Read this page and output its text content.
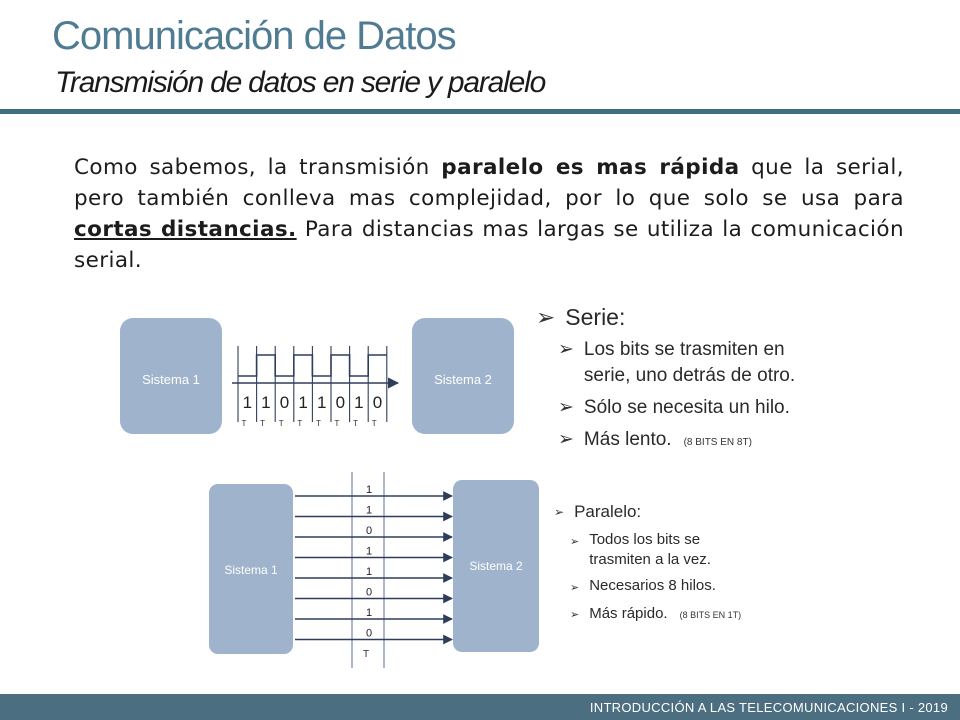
Comunicación de Datos
Transmisión de datos en serie y paralelo
Como sabemos, la transmisión paralelo es mas rápida que la serial, pero también conlleva mas complejidad, por lo que solo se usa para cortas distancias. Para distancias mas largas se utiliza la comunicación serial.
Sistema 1	Sistema 2
1 1 0 1 1 0 1 0
T T T T T T T T
Sistema 1	Sistema 2
1
1
0
1
1
0
1
0
T
➢ Serie:
➢ Los bits se trasmiten en serie, uno detrás de otro.
➢ Sólo se necesita un hilo.
➢ Más lento. (8 BITS EN 8T)
➢ Paralelo:
➢ Todos los bits se trasmiten a la vez.
➢ Necesarios 8 hilos.
➢ Más rápido. (8 BITS EN 1T)
INTRODUCCIÓN A LAS TELECOMUNICACIONES I - 2019
